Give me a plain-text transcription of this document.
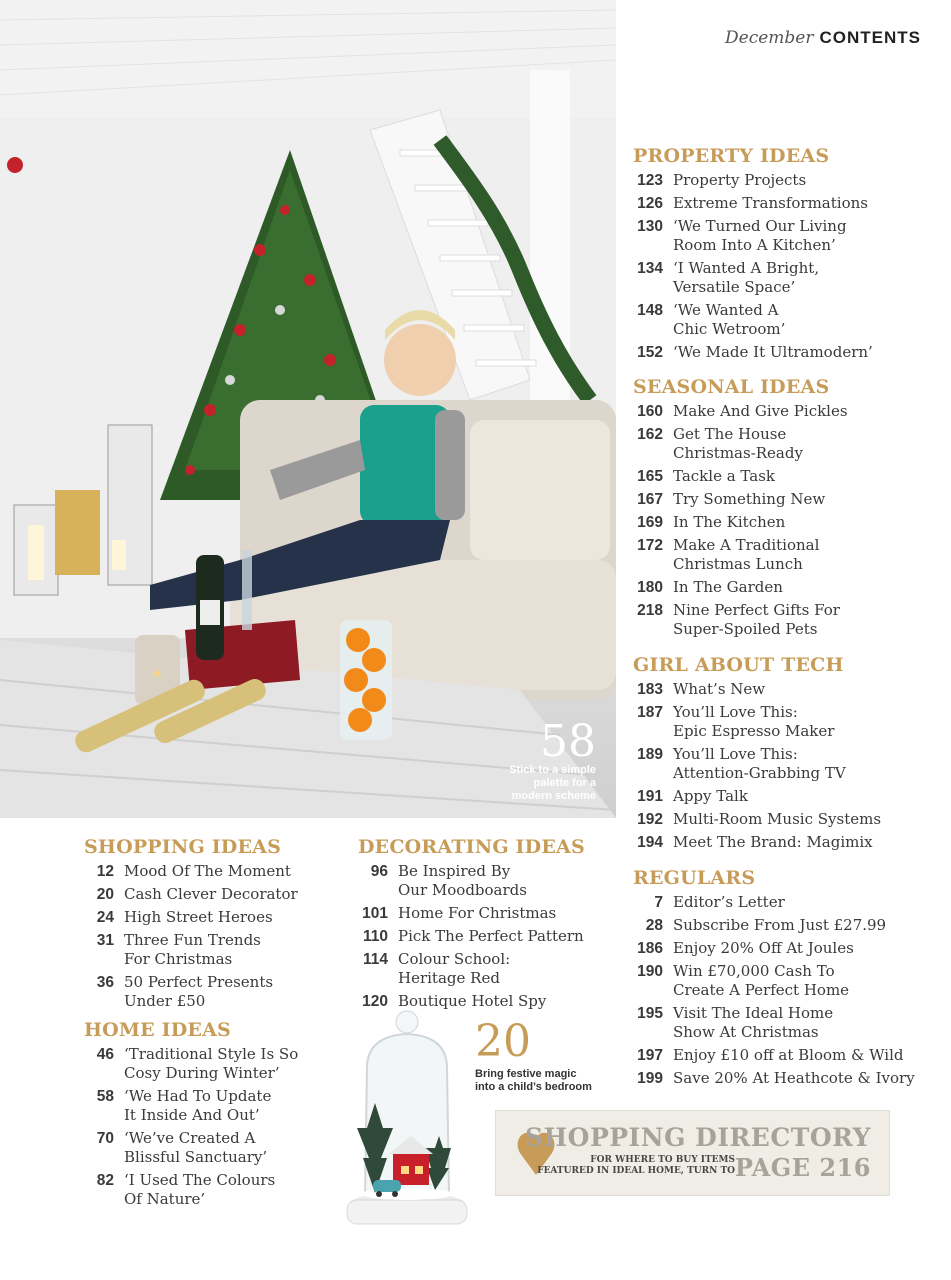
58
Stick to a simple
palette for a
modern scheme
December CONTENTS
PROPERTY IDEAS
123 Property Projects
126 Extreme Transformations
130 ‘We Turned Our Living
Room Into A Kitchen’
134 ‘I Wanted A Bright,
Versatile Space’
148 ‘We Wanted A
Chic Wetroom’
152 ‘We Made It Ultramodern’
SEASONAL IDEAS
160 Make And Give Pickles
162 Get The House
Christmas-Ready
165 Tackle a Task
167 Try Something New
169 In The Kitchen
172 Make A Traditional
Christmas Lunch
180 In The Garden
218 Nine Perfect Gifts For
Super-Spoiled Pets
GIRL ABOUT TECH
183 What’s New
187 You’ll Love This:
Epic Espresso Maker
189 You’ll Love This:
Attention-Grabbing TV
191 Appy Talk
192 Multi-Room Music Systems
194 Meet The Brand: Magimix
REGULARS
7 Editor’s Letter
28 Subscribe From Just £27.99
186 Enjoy 20% Off At Joules
190 Win £70,000 Cash To
Create A Perfect Home
195 Visit The Ideal Home
Show At Christmas
197 Enjoy £10 off at Bloom & Wild
199 Save 20% At Heathcote & Ivory
SHOPPING IDEAS
12 Mood Of The Moment
20 Cash Clever Decorator
24 High Street Heroes
31 Three Fun Trends
For Christmas
36 50 Perfect Presents
Under £50
HOME IDEAS
46 ‘Traditional Style Is So
Cosy During Winter’
58 ‘We Had To Update
It Inside And Out’
70 ‘We’ve Created A
Blissful Sanctuary’
82 ‘I Used The Colours
Of Nature’
DECORATING IDEAS
96 Be Inspired By
Our Moodboards
101 Home For Christmas
110 Pick The Perfect Pattern
114 Colour School:
Heritage Red
120 Boutique Hotel Spy
20
Bring festive magic
into a child’s bedroom
SHOPPING DIRECTORY
FOR WHERE TO BUY ITEMS
FEATURED IN IDEAL HOME, TURN TO PAGE 216
